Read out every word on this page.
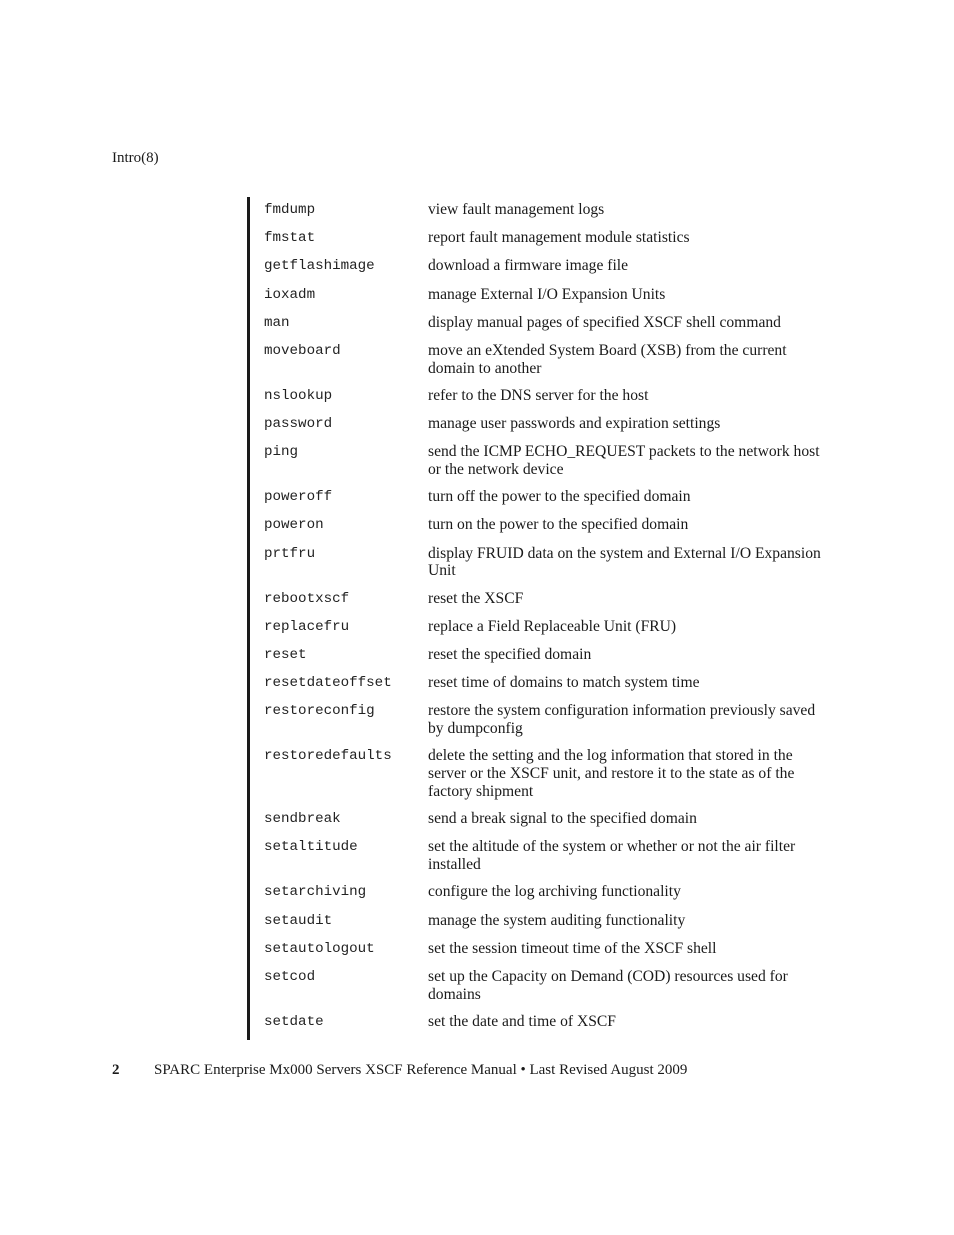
Intro(8)
fmdump	view fault management logs
fmstat	report fault management module statistics
getflashimage	download a firmware image file
ioxadm	manage External I/O Expansion Units
man	display manual pages of specified XSCF shell command
moveboard	move an eXtended System Board (XSB) from the current domain to another
nslookup	refer to the DNS server for the host
password	manage user passwords and expiration settings
ping	send the ICMP ECHO_REQUEST packets to the network host or the network device
poweroff	turn off the power to the specified domain
poweron	turn on the power to the specified domain
prtfru	display FRUID data on the system and External I/O Expansion Unit
rebootxscf	reset the XSCF
replacefru	replace a Field Replaceable Unit (FRU)
reset	reset the specified domain
resetdateoffset	reset time of domains to match system time
restoreconfig	restore the system configuration information previously saved by dumpconfig
restoredefaults	delete the setting and the log information that stored in the server or the XSCF unit, and restore it to the state as of the factory shipment
sendbreak	send a break signal to the specified domain
setaltitude	set the altitude of the system or whether or not the air filter installed
setarchiving	configure the log archiving functionality
setaudit	manage the system auditing functionality
setautologout	set the session timeout time of the XSCF shell
setcod	set up the Capacity on Demand (COD) resources used for domains
setdate	set the date and time of XSCF
2 SPARC Enterprise Mx000 Servers XSCF Reference Manual • Last Revised August 2009
